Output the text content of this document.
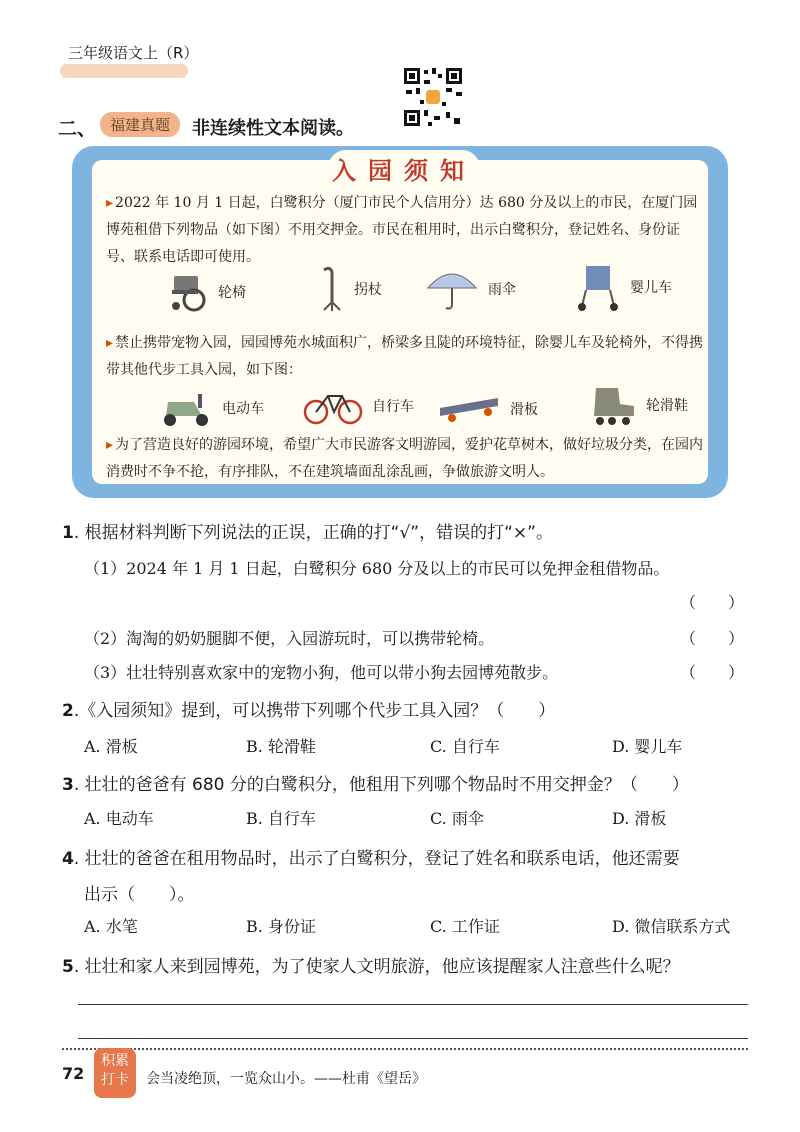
三年级语文上（R）
二、 福建真题	非连续性文本阅读。
入园须知
▸ 2022 年 10 月 1 日起，白鹭积分（厦门市民个人信用分）达 680 分及以上的市民，在厦门园博苑租借下列物品（如下图）不用交押金。市民在租用时，出示白鹭积分，登记姓名、身份证号、联系电话即可使用。
轮椅	拐杖	雨伞	婴儿车
▸ 禁止携带宠物入园，园园博苑水城面积广，桥梁多且陡的环境特征，除婴儿车及轮椅外，不得携带其他代步工具入园，如下图：
电动车	自行车	滑板	轮滑鞋
▸ 为了营造良好的游园环境，希望广大市民游客文明游园，爱护花草树木，做好垃圾分类，在园内消费时不争不抢，有序排队，不在建筑墙面乱涂乱画，争做旅游文明人。
1. 根据材料判断下列说法的正误，正确的打“√”，错误的打“×”。
（1）2024 年 1 月 1 日起，白鹭积分 680 分及以上的市民可以免押金租借物品。
（　　）
（2）淘淘的奶奶腿脚不便，入园游玩时，可以携带轮椅。	（　　）
（3）壮壮特别喜欢家中的宠物小狗，他可以带小狗去园博苑散步。	（　　）
2.《入园须知》提到，可以携带下列哪个代步工具入园？（　　）
A. 滑板	B. 轮滑鞋	C. 自行车	D. 婴儿车
3. 壮壮的爸爸有 680 分的白鹭积分，他租用下列哪个物品时不用交押金？（　　）
A. 电动车	B. 自行车	C. 雨伞	D. 滑板
4. 壮壮的爸爸在租用物品时，出示了白鹭积分，登记了姓名和联系电话，他还需要
出示（　　）。
A. 水笔	B. 身份证	C. 工作证	D. 微信联系方式
5. 壮壮和家人来到园博苑，为了使家人文明旅游，他应该提醒家人注意些什么呢？
72
积累
打卡	会当凌绝顶，一览众山小。——杜甫《望岳》
